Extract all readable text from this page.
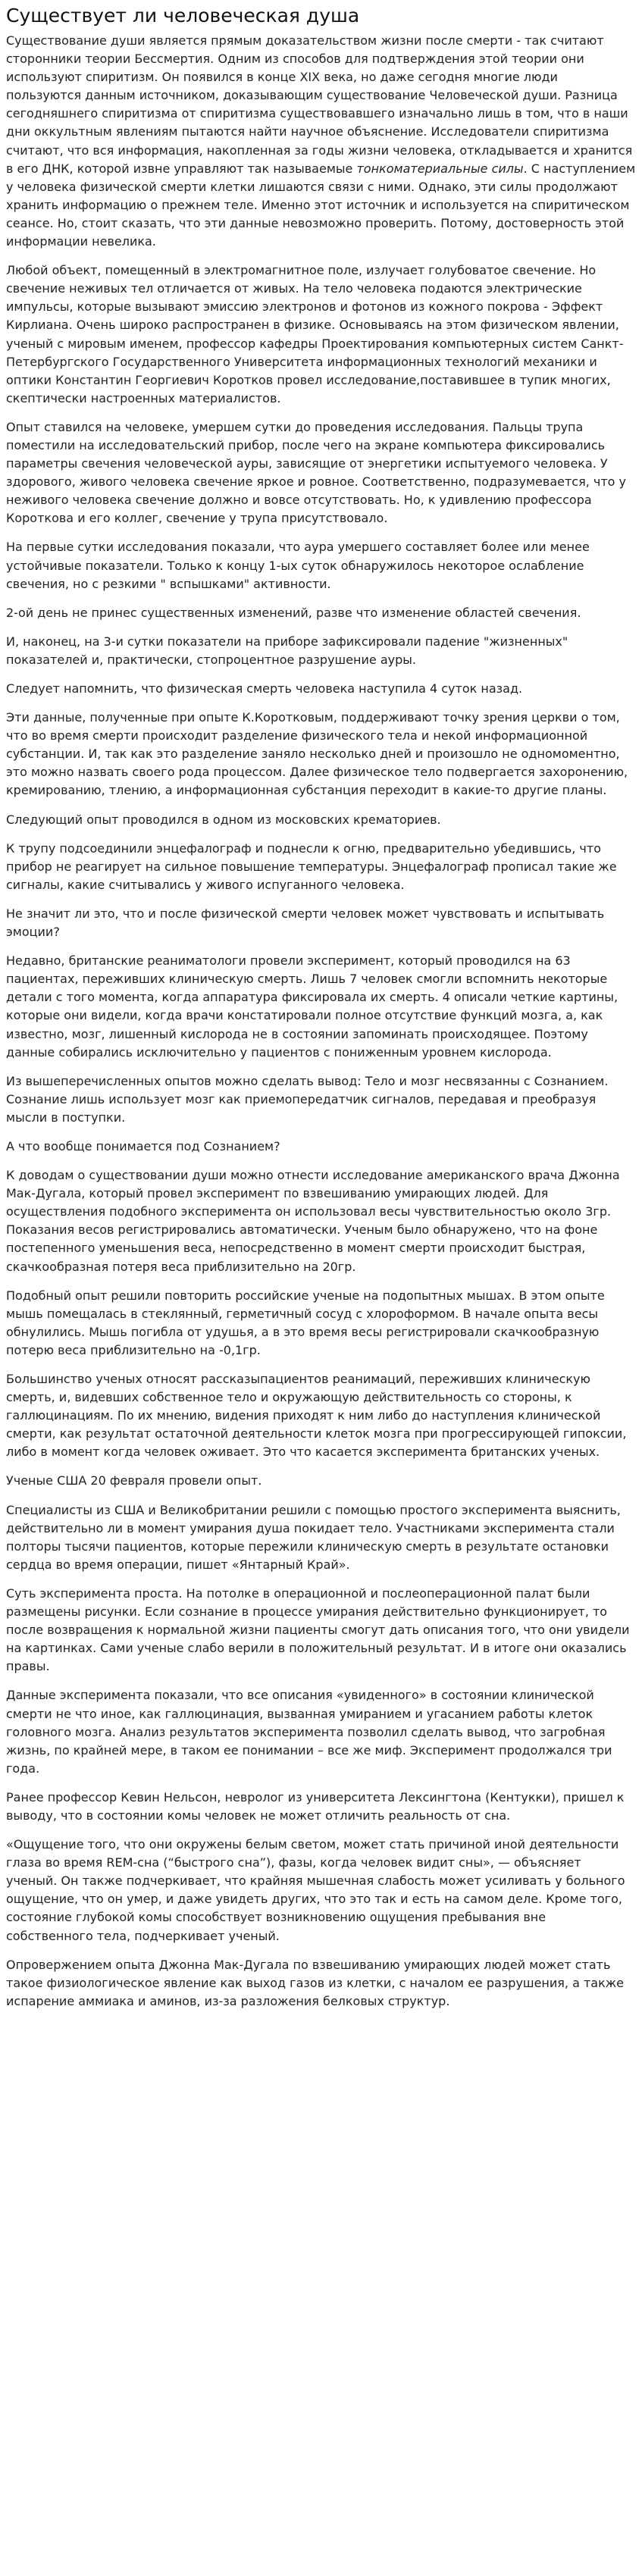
Существует ли человеческая душа

Существование души является прямым доказательством жизни после смерти - так считают сторонники теории Бессмертия. Одним из способов для подтверждения этой теории они используют спиритизм. Он появился в конце XIX века, но даже сегодня многие люди пользуются данным источником, доказывающим существование Человеческой души. Разница сегодняшнего спиритизма от спиритизма существовавшего изначально лишь в том, что в наши дни оккультным явлениям пытаются найти научное объяснение. Исследователи спиритизма считают, что вся информация, накопленная за годы жизни человека, откладывается и хранится в его ДНК, которой извне управляют так называемые тонкоматериальные силы. С наступлением у человека физической смерти клетки лишаются связи с ними. Однако, эти силы продолжают хранить информацию о прежнем теле. Именно этот источник и используется на спиритическом сеансе. Но, стоит сказать, что эти данные невозможно проверить. Потому, достоверность этой информации невелика.

Любой объект, помещенный в электромагнитное поле, излучает голубоватое свечение. Но свечение неживых тел отличается от живых. На тело человека подаются электрические импульсы, которые вызывают эмиссию электронов и фотонов из кожного покрова - Эффект Кирлиана. Очень широко распространен в физике. Основываясь на этом физическом явлении, ученый с мировым именем, профессор кафедры Проектирования компьютерных систем Санкт-Петербургского Государственного Университета информационных технологий механики и оптики Константин Георгиевич Коротков провел исследование,поставившее в тупик многих, скептически настроенных материалистов.

Опыт ставился на человеке, умершем сутки до проведения исследования. Пальцы трупа поместили на исследовательский прибор, после чего на экране компьютера фиксировались параметры свечения человеческой ауры, зависящие от энергетики испытуемого человека. У здорового, живого человека свечение яркое и ровное. Соответственно, подразумевается, что у неживого человека свечение должно и вовсе отсутствовать. Но, к удивлению профессора Короткова и его коллег, свечение у трупа присутствовало.

На первые сутки исследования показали, что аура умершего составляет более или менее устойчивые показатели. Только к концу 1-ых суток обнаружилось некоторое ослабление свечения, но с резкими " вспышками" активности.

2-ой день не принес существенных изменений, разве что изменение областей свечения.

И, наконец, на 3-и сутки показатели на приборе зафиксировали падение "жизненных" показателей и, практически, стопроцентное разрушение ауры.

Следует напомнить, что физическая смерть человека наступила 4 суток назад.

Эти данные, полученные при опыте К.Коротковым, поддерживают точку зрения церкви о том, что во время смерти происходит разделение физического тела и некой информационной субстанции. И, так как это разделение заняло несколько дней и произошло не одномоментно, это можно назвать своего рода процессом. Далее физическое тело подвергается захоронению, кремированию, тлению, а информационная субстанция переходит в какие-то другие планы.

Следующий опыт проводился в одном из московских крематориев.

К трупу подсоединили энцефалограф и поднесли к огню, предварительно убедившись, что прибор не реагирует на сильное повышение температуры. Энцефалограф прописал такие же сигналы, какие считывались у живого испуганного человека.

Не значит ли это, что и после физической смерти человек может чувствовать и испытывать эмоции?

Недавно, британские реаниматологи провели эксперимент, который проводился на 63 пациентах, переживших клиническую смерть. Лишь 7 человек смогли вспомнить некоторые детали с того момента, когда аппаратура фиксировала их смерть. 4 описали четкие картины, которые они видели, когда врачи констатировали полное отсутствие функций мозга, а, как известно, мозг, лишенный кислорода не в состоянии запоминать происходящее. Поэтому данные собирались исключительно у пациентов с пониженным уровнем кислорода.

Из вышеперечисленных опытов можно сделать вывод: Тело и мозг несвязанны с Сознанием. Сознание лишь использует мозг как приемопередатчик сигналов, передавая и преобразуя мысли в поступки.

А что вообще понимается под Сознанием?

К доводам о существовании души можно отнести исследование американского врача Джонна Мак-Дугала, который провел эксперимент по взвешиванию умирающих людей. Для осуществления подобного эксперимента он использовал весы чувствительностью около 3гр. Показания весов регистрировались автоматически. Ученым было обнаружено, что на фоне постепенного уменьшения веса, непосредственно в момент смерти происходит быстрая, скачкообразная потеря веса приблизительно на 20гр.

Подобный опыт решили повторить российские ученые на подопытных мышах. В этом опыте мышь помещалась в стеклянный, герметичный сосуд с хлороформом. В начале опыта весы обнулились. Мышь погибла от удушья, а в это время весы регистрировали скачкообразную потерю веса приблизительно на -0,1гр.

Большинство ученых относят рассказыпациентов реанимаций, переживших клиническую смерть, и, видевших собственное тело и окружающую действительность со стороны, к галлюцинациям. По их мнению, видения приходят к ним либо до наступления клинической смерти, как результат остаточной деятельности клеток мозга при прогрессирующей гипоксии, либо в момент когда человек оживает. Это что касается эксперимента британских ученых.

Ученые США 20 февраля провели опыт.

Специалисты из США и Великобритании решили с помощью простого эксперимента выяснить, действительно ли в момент умирания душа покидает тело. Участниками эксперимента стали полторы тысячи пациентов, которые пережили клиническую смерть в результате остановки сердца во время операции, пишет «Янтарный Край».

Суть эксперимента проста. На потолке в операционной и послеоперационной палат были размещены рисунки. Если сознание в процессе умирания действительно функционирует, то после возвращения к нормальной жизни пациенты смогут дать описания того, что они увидели на картинках. Сами ученые слабо верили в положительный результат. И в итоге они оказались правы.

Данные эксперимента показали, что все описания «увиденного» в состоянии клинической смерти не что иное, как галлюцинация, вызванная умиранием и угасанием работы клеток головного мозга. Анализ результатов эксперимента позволил сделать вывод, что загробная жизнь, по крайней мере, в таком ее понимании – все же миф. Эксперимент продолжался три года.

Ранее профессор Кевин Нельсон, невролог из университета Лексингтона (Кентукки), пришел к выводу, что в состоянии комы человек не может отличить реальность от сна.

«Ощущение того, что они окружены белым светом, может стать причиной иной деятельности глаза во время REM-сна (“быстрого сна”), фазы, когда человек видит сны», — объясняет ученый. Он также подчеркивает, что крайняя мышечная слабость может усиливать у больного ощущение, что он умер, и даже увидеть других, что это так и есть на самом деле. Кроме того, состояние глубокой комы способствует возникновению ощущения пребывания вне собственного тела, подчеркивает ученый.

Опровержением опыта Джонна Мак-Дугала по взвешиванию умирающих людей может стать такое физиологическое явление как выход газов из клетки, с началом ее разрушения, а также испарение аммиака и аминов, из-за разложения белковых структур.
